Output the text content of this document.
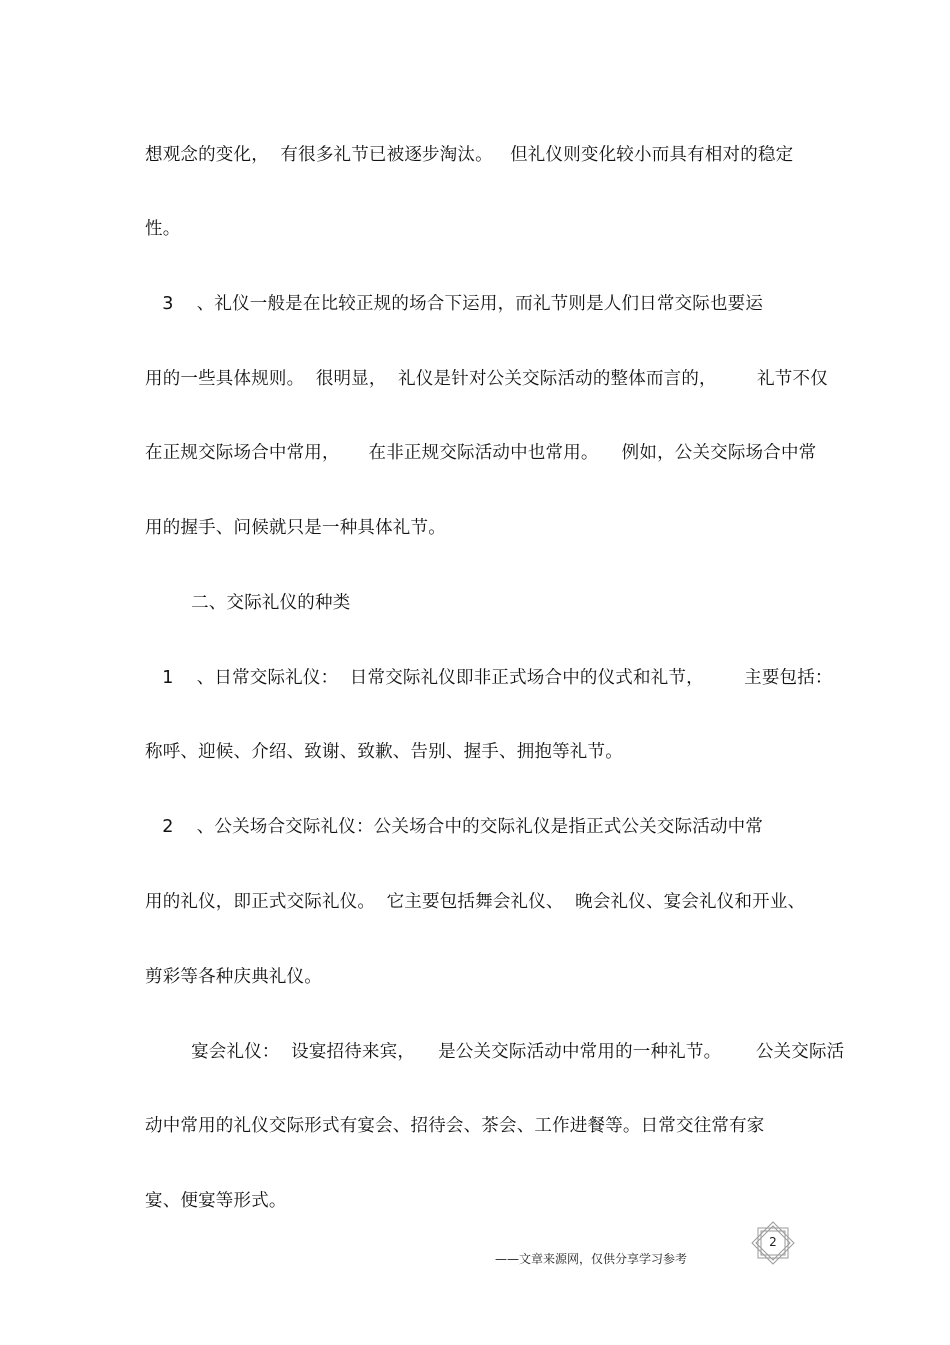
想观念的变化，  有很多礼节已被逐步淘汰。   但礼仪则变化较小而具有相对的稳定
性。
3    、礼仪一般是在比较正规的场合下运用，而礼节则是人们日常交际也要运
用的一些具体规则。  很明显，  礼仪是针对公关交际活动的整体而言的，       礼节不仅
在正规交际场合中常用，     在非正规交际活动中也常用。    例如，公关交际场合中常
用的握手、问候就只是一种具体礼节。
二、交际礼仪的种类
1    、日常交际礼仪：  日常交际礼仪即非正式场合中的仪式和礼节，       主要包括：
称呼、迎候、介绍、致谢、致歉、告别、握手、拥抱等礼节。
2    、公关场合交际礼仪：公关场合中的交际礼仪是指正式公关交际活动中常
用的礼仪，即正式交际礼仪。  它主要包括舞会礼仪、  晚会礼仪、宴会礼仪和开业、
剪彩等各种庆典礼仪。
宴会礼仪：  设宴招待来宾，    是公关交际活动中常用的一种礼节。      公关交际活
动中常用的礼仪交际形式有宴会、招待会、茶会、工作进餐等。日常交往常有家
宴、便宴等形式。
2
——文章来源网，仅供分享学习参考
